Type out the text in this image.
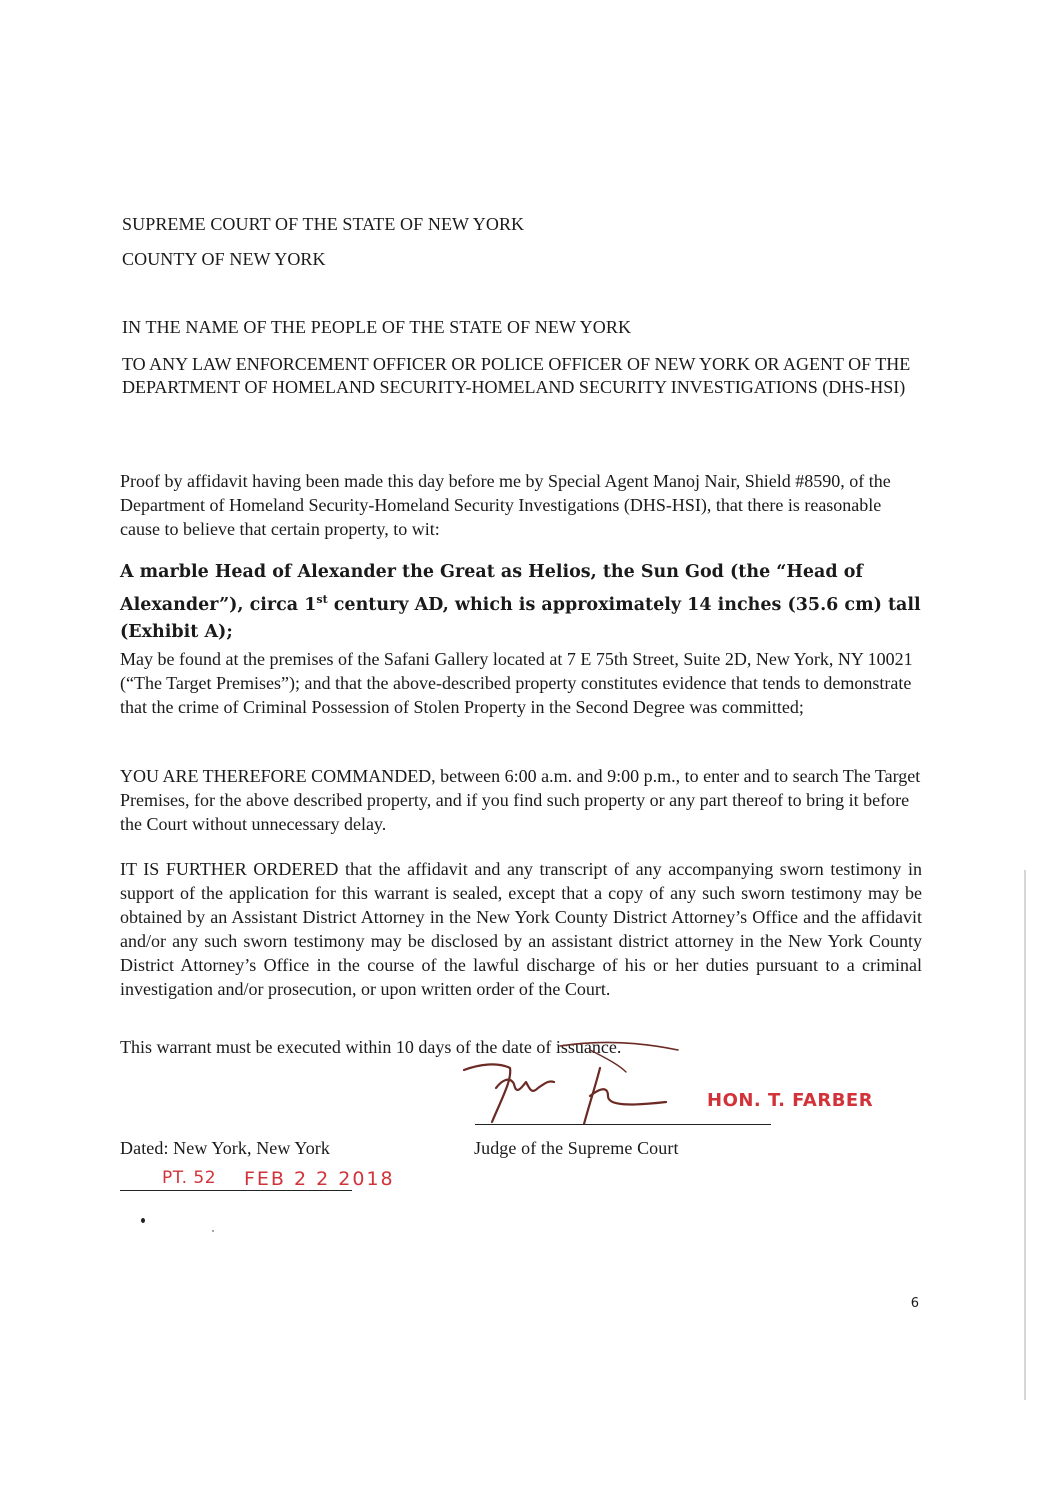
SUPREME COURT OF THE STATE OF NEW YORK
COUNTY OF NEW YORK
IN THE NAME OF THE PEOPLE OF THE STATE OF NEW YORK
TO ANY LAW ENFORCEMENT OFFICER OR POLICE OFFICER OF NEW YORK OR AGENT OF THE DEPARTMENT OF HOMELAND SECURITY-HOMELAND SECURITY INVESTIGATIONS (DHS-HSI)
Proof by affidavit having been made this day before me by Special Agent Manoj Nair, Shield #8590, of the Department of Homeland Security-Homeland Security Investigations (DHS-HSI), that there is reasonable cause to believe that certain property, to wit:
A marble Head of Alexander the Great as Helios, the Sun God (the “Head of Alexander”), circa 1st century AD, which is approximately 14 inches (35.6 cm) tall (Exhibit A);
May be found at the premises of the Safani Gallery located at 7 E 75th Street, Suite 2D, New York, NY 10021 (“The Target Premises”); and that the above-described property constitutes evidence that tends to demonstrate that the crime of Criminal Possession of Stolen Property in the Second Degree was committed;
YOU ARE THEREFORE COMMANDED, between 6:00 a.m. and 9:00 p.m., to enter and to search The Target Premises, for the above described property, and if you find such property or any part thereof to bring it before the Court without unnecessary delay.
IT IS FURTHER ORDERED that the affidavit and any transcript of any accompanying sworn testimony in support of the application for this warrant is sealed, except that a copy of any such sworn testimony may be obtained by an Assistant District Attorney in the New York County District Attorney’s Office and the affidavit and/or any such sworn testimony may be disclosed by an assistant district attorney in the New York County District Attorney’s Office in the course of the lawful discharge of his or her duties pursuant to a criminal investigation and/or prosecution, or upon written order of the Court.
This warrant must be executed within 10 days of the date of issuance.
HON. T. FARBER
Judge of the Supreme Court
Dated: New York, New York
PT. 52 FEB 2 2 2018
6
